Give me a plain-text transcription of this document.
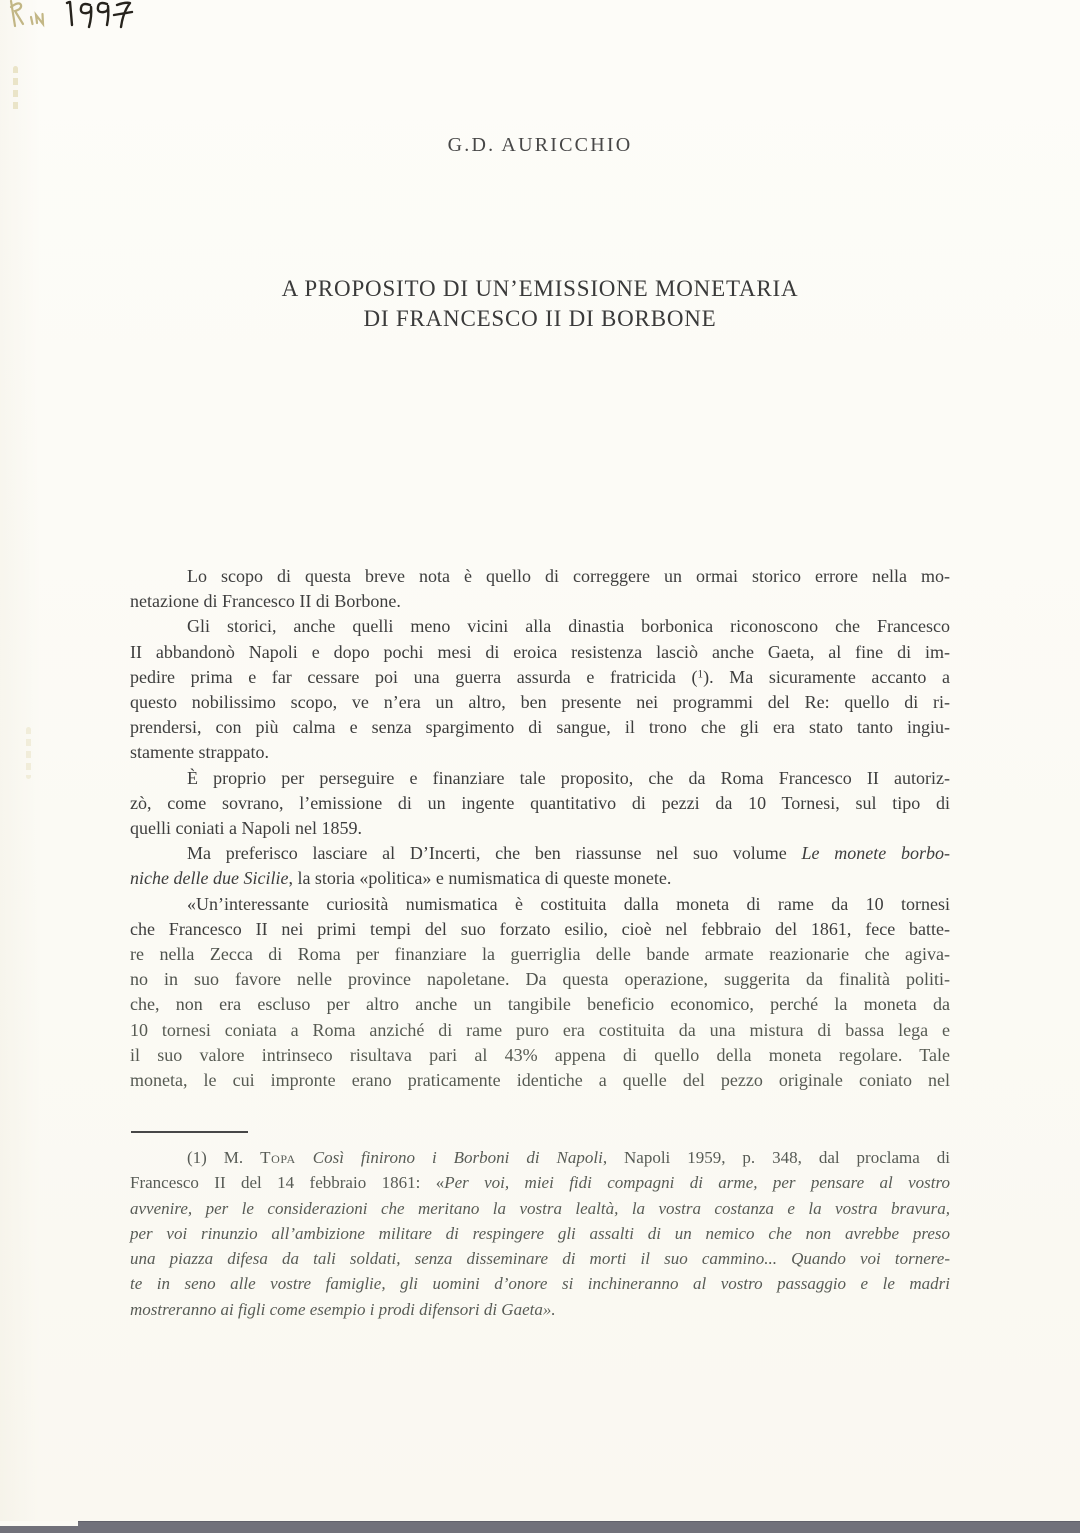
G.D. AURICCHIO
A PROPOSITO DI UN’EMISSIONE MONETARIA
DI FRANCESCO II DI BORBONE
Lo scopo di questa breve nota è quello di correggere un ormai storico errore nella mo-
netazione di Francesco II di Borbone.
Gli storici, anche quelli meno vicini alla dinastia borbonica riconoscono che Francesco
II abbandonò Napoli e dopo pochi mesi di eroica resistenza lasciò anche Gaeta, al fine di im-
pedire prima e far cessare poi una guerra assurda e fratricida ($^1$). Ma sicuramente accanto a
questo nobilissimo scopo, ve n’era un altro, ben presente nei programmi del Re: quello di ri-
prendersi, con più calma e senza spargimento di sangue, il trono che gli era stato tanto ingiu-
stamente strappato.
È proprio per perseguire e finanziare tale proposito, che da Roma Francesco II autoriz-
zò, come sovrano, l’emissione di un ingente quantitativo di pezzi da 10 Tornesi, sul tipo di
quelli coniati a Napoli nel 1859.
Ma preferisco lasciare al D’Incerti, che ben riassunse nel suo volume Le monete borbo-
niche delle due Sicilie, la storia «politica» e numismatica di queste monete.
«Un’interessante curiosità numismatica è costituita dalla moneta di rame da 10 tornesi
che Francesco II nei primi tempi del suo forzato esilio, cioè nel febbraio del 1861, fece batte-
re nella Zecca di Roma per finanziare la guerriglia delle bande armate reazionarie che agiva-
no in suo favore nelle province napoletane. Da questa operazione, suggerita da finalità politi-
che, non era escluso per altro anche un tangibile beneficio economico, perché la moneta da
10 tornesi coniata a Roma anziché di rame puro era costituita da una mistura di bassa lega e
il suo valore intrinseco risultava pari al 43% appena di quello della moneta regolare. Tale
moneta, le cui impronte erano praticamente identiche a quelle del pezzo originale coniato nel
(1) M. Topa Così finirono i Borboni di Napoli, Napoli 1959, p. 348, dal proclama di
Francesco II del 14 febbraio 1861: «Per voi, miei fidi compagni di arme, per pensare al vostro
avvenire, per le considerazioni che meritano la vostra lealtà, la vostra costanza e la vostra bravura,
per voi rinunzio all’ambizione militare di respingere gli assalti di un nemico che non avrebbe preso
una piazza difesa da tali soldati, senza disseminare di morti il suo cammino... Quando voi tornere-
te in seno alle vostre famiglie, gli uomini d’onore si inchineranno al vostro passaggio e le madri
mostreranno ai figli come esempio i prodi difensori di Gaeta».
